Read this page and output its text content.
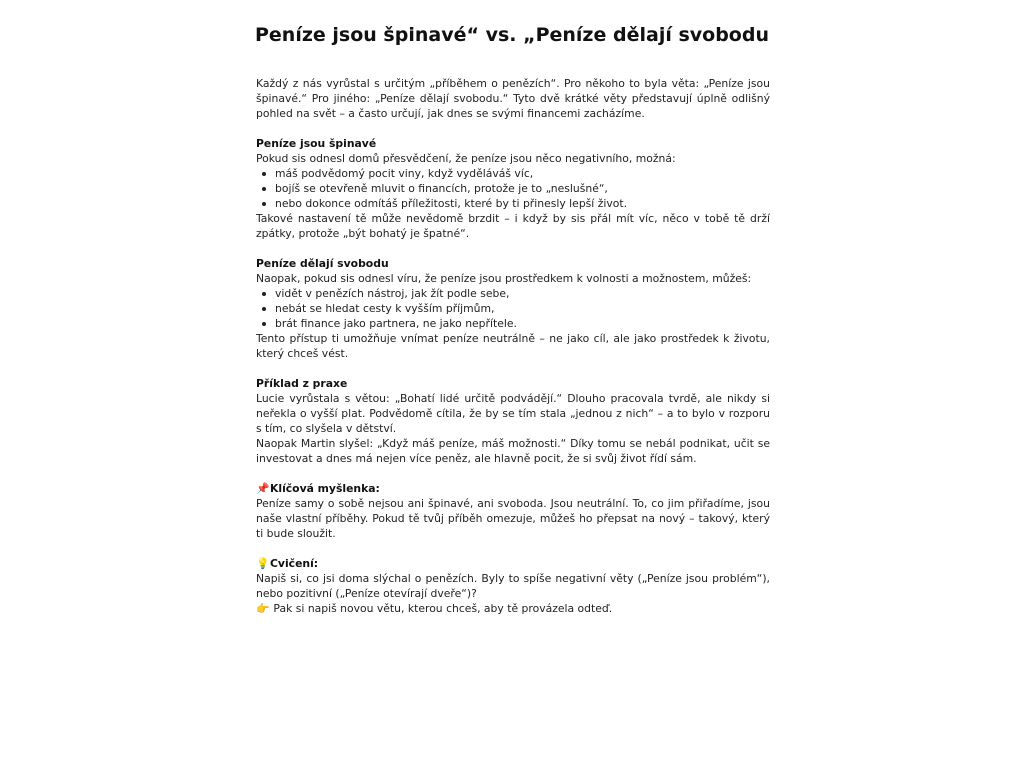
Peníze jsou špinavé“ vs. „Peníze dělají svobodu

Každý z nás vyrůstal s určitým „příběhem o penězích“. Pro někoho to byla věta: „Peníze jsou špinavé.“ Pro jiného: „Peníze dělají svobodu.“ Tyto dvě krátké věty představují úplně odlišný pohled na svět – a často určují, jak dnes se svými financemi zacházíme.

Peníze jsou špinavé

Pokud sis odnesl domů přesvědčení, že peníze jsou něco negativního, možná:

máš podvědomý pocit viny, když vyděláváš víc,
bojíš se otevřeně mluvit o financích, protože je to „neslušné“,
nebo dokonce odmítáš příležitosti, které by ti přinesly lepší život.

Takové nastavení tě může nevědomě brzdit – i když by sis přál mít víc, něco v tobě tě drží zpátky, protože „být bohatý je špatné“.

Peníze dělají svobodu

Naopak, pokud sis odnesl víru, že peníze jsou prostředkem k volnosti a možnostem, můžeš:

vidět v penězích nástroj, jak žít podle sebe,
nebát se hledat cesty k vyšším příjmům,
brát finance jako partnera, ne jako nepřítele.

Tento přístup ti umožňuje vnímat peníze neutrálně – ne jako cíl, ale jako prostředek k životu, který chceš vést.

Příklad z praxe

Lucie vyrůstala s větou: „Bohatí lidé určitě podvádějí.“ Dlouho pracovala tvrdě, ale nikdy si neřekla o vyšší plat. Podvědomě cítila, že by se tím stala „jednou z nich“ – a to bylo v rozporu s tím, co slyšela v dětství.

Naopak Martin slyšel: „Když máš peníze, máš možnosti.“ Díky tomu se nebál podnikat, učit se investovat a dnes má nejen více peněz, ale hlavně pocit, že si svůj život řídí sám.

📌Klíčová myšlenka:

Peníze samy o sobě nejsou ani špinavé, ani svoboda. Jsou neutrální. To, co jim přiřadíme, jsou naše vlastní příběhy. Pokud tě tvůj příběh omezuje, můžeš ho přepsat na nový – takový, který ti bude sloužit.

💡Cvičení:

Napiš si, co jsi doma slýchal o penězích. Byly to spíše negativní věty („Peníze jsou problém“), nebo pozitivní („Peníze otevírají dveře“)?

👉 Pak si napiš novou větu, kterou chceš, aby tě provázela odteď.
